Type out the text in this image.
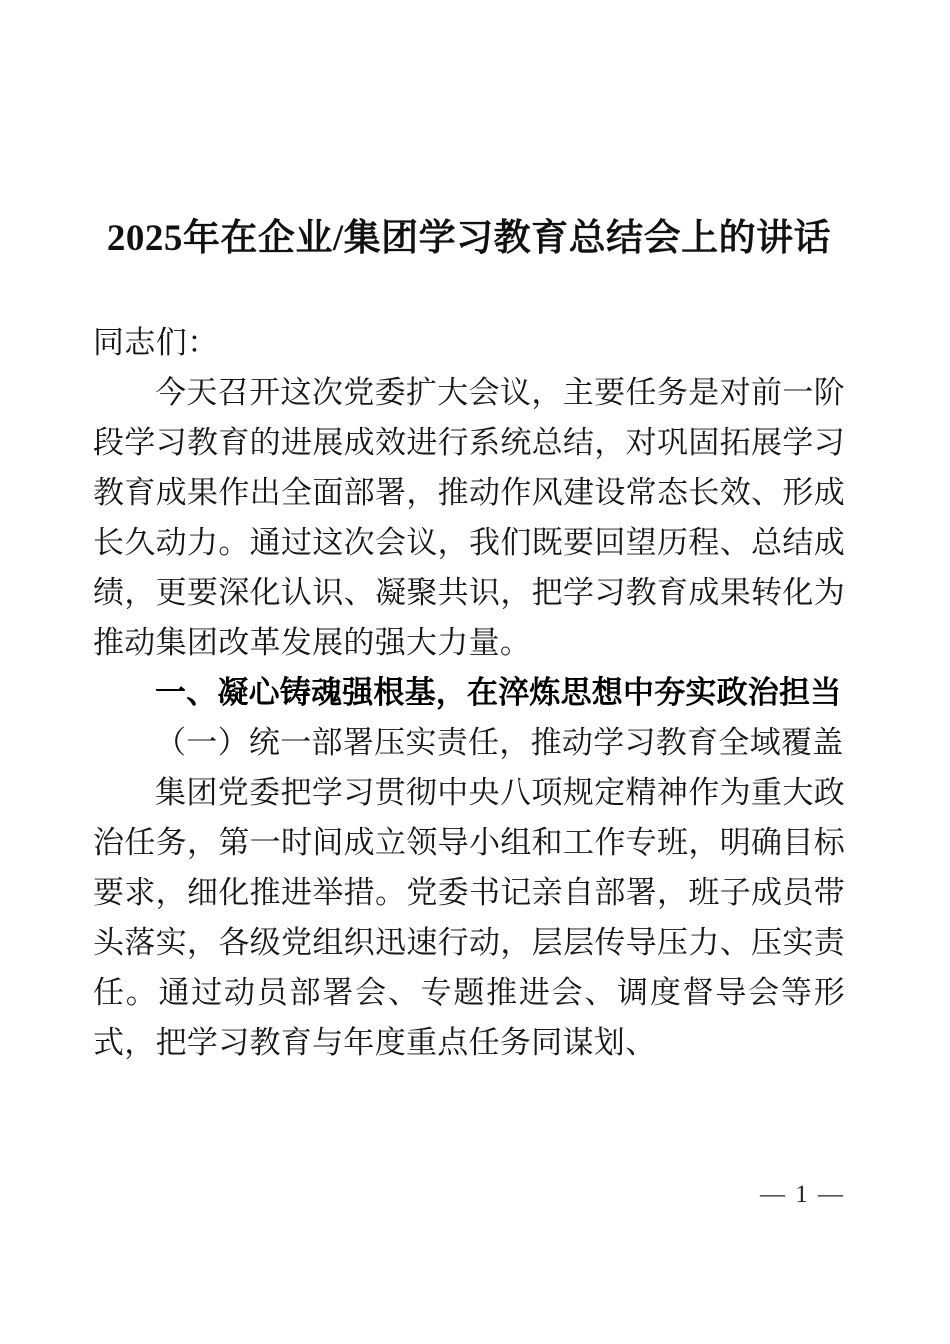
2025年在企业/集团学习教育总结会上的讲话

同志们：

今天召开这次党委扩大会议，主要任务是对前一阶段学习教育的进展成效进行系统总结，对巩固拓展学习教育成果作出全面部署，推动作风建设常态长效、形成长久动力。通过这次会议，我们既要回望历程、总结成绩，更要深化认识、凝聚共识，把学习教育成果转化为推动集团改革发展的强大力量。

一、凝心铸魂强根基，在淬炼思想中夯实政治担当

（一）统一部署压实责任，推动学习教育全域覆盖

集团党委把学习贯彻中央八项规定精神作为重大政治任务，第一时间成立领导小组和工作专班，明确目标要求，细化推进举措。党委书记亲自部署，班子成员带头落实，各级党组织迅速行动，层层传导压力、压实责任。通过动员部署会、专题推进会、调度督导会等形式，把学习教育与年度重点任务同谋划、

— 1 —
